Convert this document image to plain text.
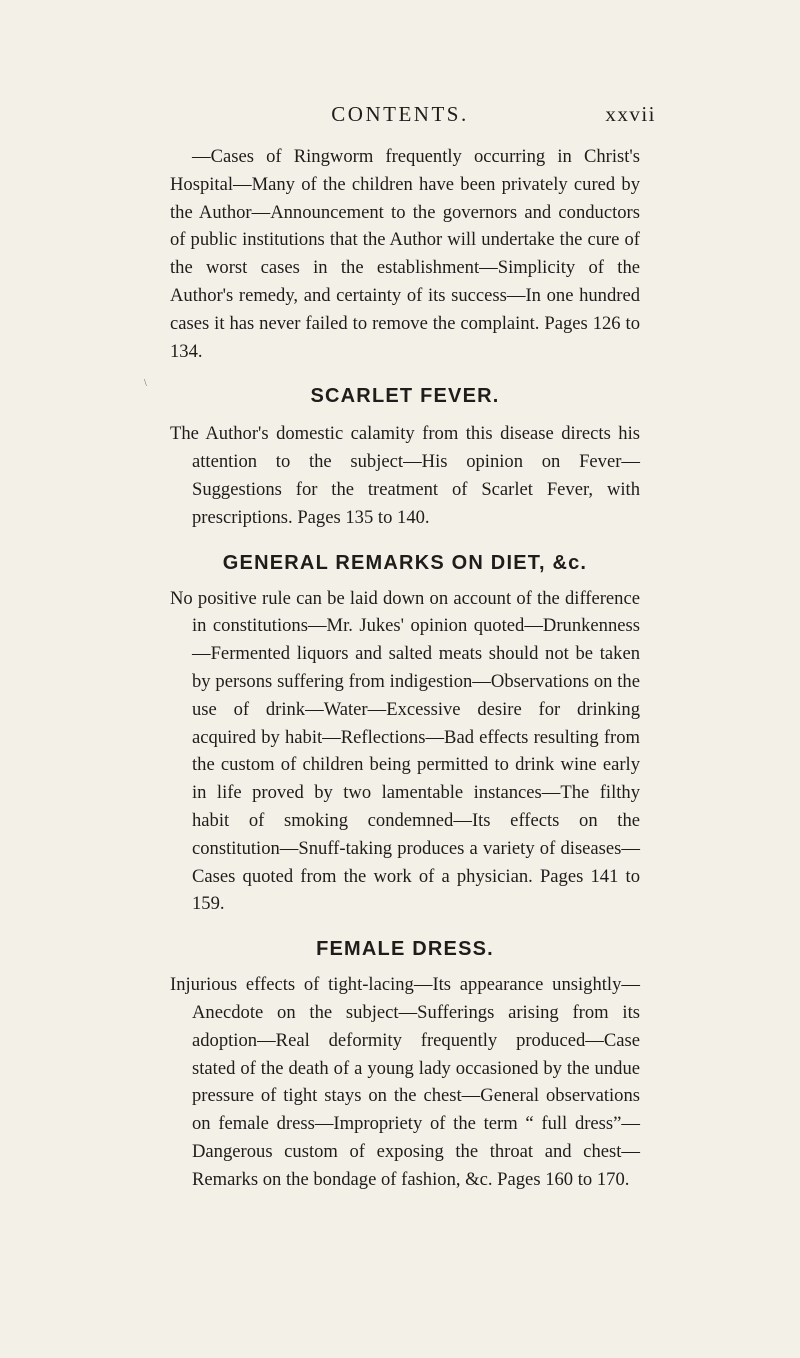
CONTENTS.	xxvii
\

—Cases of Ringworm frequently occurring in Christ's Hospital—Many of the children have been privately cured by the Author—Announcement to the governors and conductors of public institutions that the Author will undertake the cure of the worst cases in the establishment—Simplicity of the Author's remedy, and certainty of its success—In one hundred cases it has never failed to remove the complaint. Pages 126 to 134.

SCARLET FEVER.

The Author's domestic calamity from this disease directs his attention to the subject—His opinion on Fever—Suggestions for the treatment of Scarlet Fever, with prescriptions. Pages 135 to 140.

GENERAL REMARKS ON DIET, &c.

No positive rule can be laid down on account of the difference in constitutions—Mr. Jukes' opinion quoted—Drunkenness—Fermented liquors and salted meats should not be taken by persons suffering from indigestion—Observations on the use of drink—Water—Excessive desire for drinking acquired by habit—Reflections—Bad effects resulting from the custom of children being permitted to drink wine early in life proved by two lamentable instances—The filthy habit of smoking condemned—Its effects on the constitution—Snuff-taking produces a variety of diseases—Cases quoted from the work of a physician. Pages 141 to 159.

FEMALE DRESS.

Injurious effects of tight-lacing—Its appearance unsightly—Anecdote on the subject—Sufferings arising from its adoption—Real deformity frequently produced—Case stated of the death of a young lady occasioned by the undue pressure of tight stays on the chest—General observations on female dress—Impropriety of the term “ full dress”—Dangerous custom of exposing the throat and chest—Remarks on the bondage of fashion, &c. Pages 160 to 170.
